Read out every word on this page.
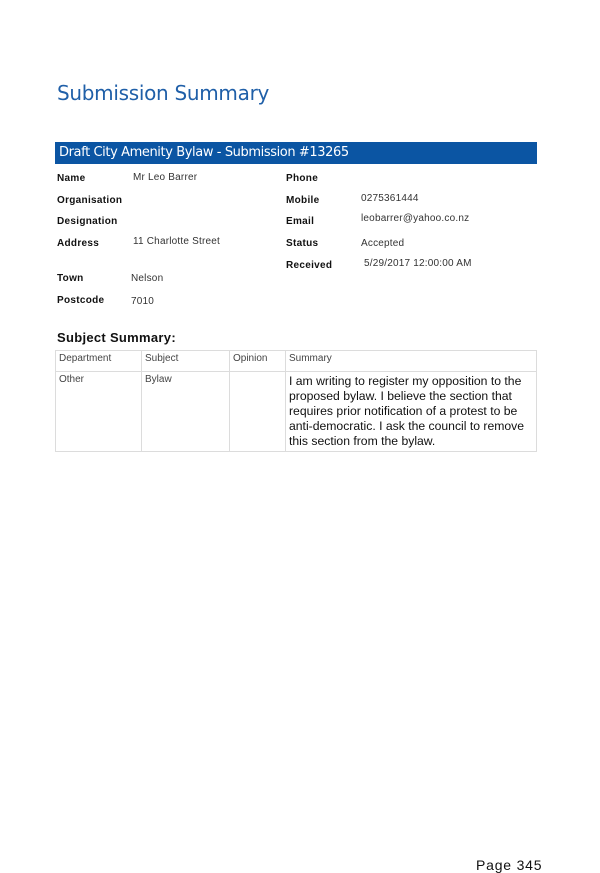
Submission Summary
Draft City Amenity Bylaw - Submission #13265
Name	Mr Leo Barrer
Organisation
Designation
Address	11 Charlotte Street
Town	Nelson
Postcode	7010
Phone
Mobile	0275361444
Email	leobarrer@yahoo.co.nz
Status	Accepted
Received	5/29/2017 12:00:00 AM
Subject Summary:
Department	Subject	Opinion	Summary
Other	Bylaw		I am writing to register my opposition to the proposed bylaw. I believe the section that requires prior notification of a protest to be anti-democratic. I ask the council to remove this section from the bylaw.
Page 345
